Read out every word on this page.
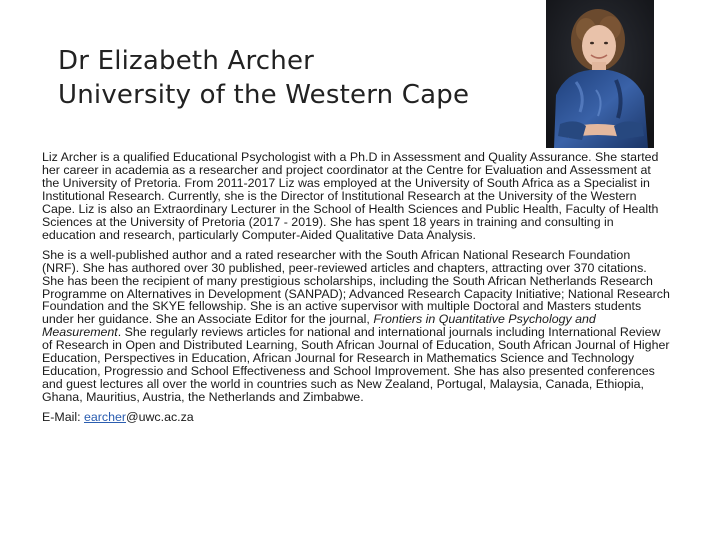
Dr Elizabeth Archer
University of the Western Cape

Liz Archer is a qualified Educational Psychologist with a Ph.D in Assessment and Quality Assurance. She started her career in academia as a researcher and project coordinator at the Centre for Evaluation and Assessment at the University of Pretoria. From 2011-2017 Liz was employed at the University of South Africa as a Specialist in Institutional Research. Currently, she is the Director of Institutional Research at the University of the Western Cape. Liz is also an Extraordinary Lecturer in the School of Health Sciences and Public Health, Faculty of Health Sciences at the University of Pretoria (2017 - 2019). She has spent 18 years in training and consulting in education and research, particularly Computer-Aided Qualitative Data Analysis.

She is a well-published author and a rated researcher with the South African National Research Foundation (NRF). She has authored over 30 published, peer-reviewed articles and chapters, attracting over 370 citations. She has been the recipient of many prestigious scholarships, including the South African Netherlands Research Programme on Alternatives in Development (SANPAD); Advanced Research Capacity Initiative; National Research Foundation and the SKYE fellowship. She is an active supervisor with multiple Doctoral and Masters students under her guidance. She an Associate Editor for the journal, Frontiers in Quantitative Psychology and Measurement. She regularly reviews articles for national and international journals including International Review of Research in Open and Distributed Learning, South African Journal of Education, South African Journal of Higher Education, Perspectives in Education, African Journal for Research in Mathematics Science and Technology Education, Progressio and School Effectiveness and School Improvement. She has also presented conferences and guest lectures all over the world in countries such as New Zealand, Portugal, Malaysia, Canada, Ethiopia, Ghana, Mauritius, Austria, the Netherlands and Zimbabwe.

E-Mail: earcher@uwc.ac.za
